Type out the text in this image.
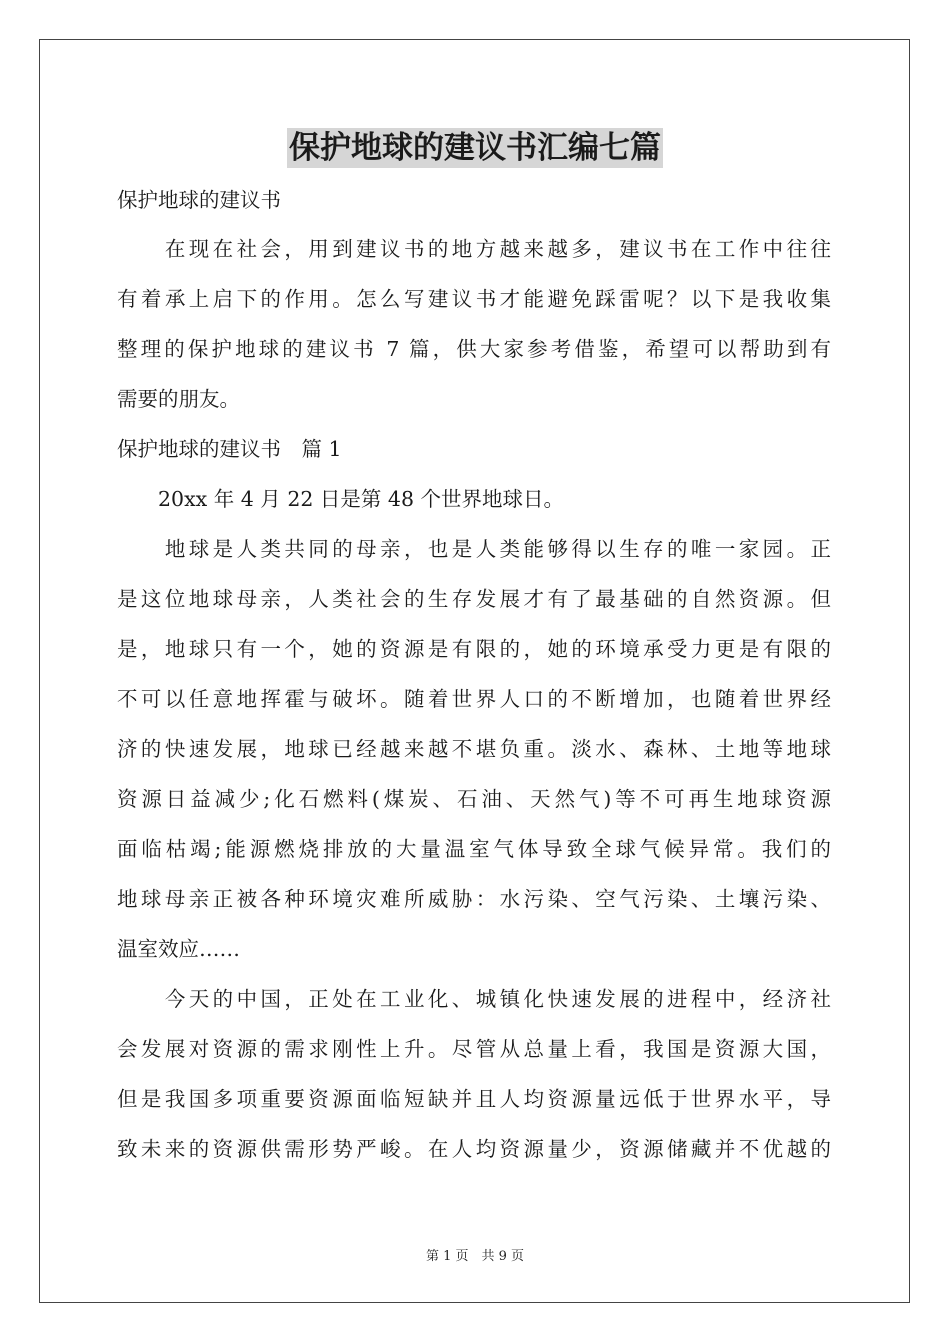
保护地球的建议书汇编七篇
保护地球的建议书
　　在现在社会，用到建议书的地方越来越多，建议书在工作中往往
有着承上启下的作用。怎么写建议书才能避免踩雷呢？以下是我收集
整理的保护地球的建议书 7 篇，供大家参考借鉴，希望可以帮助到有
需要的朋友。
保护地球的建议书　篇 1
　　20xx 年 4 月 22 日是第 48 个世界地球日。
　　地球是人类共同的母亲，也是人类能够得以生存的唯一家园。正
是这位地球母亲，人类社会的生存发展才有了最基础的自然资源。但
是，地球只有一个，她的资源是有限的，她的环境承受力更是有限的
不可以任意地挥霍与破坏。随着世界人口的不断增加，也随着世界经
济的快速发展，地球已经越来越不堪负重。淡水、森林、土地等地球
资源日益减少;化石燃料(煤炭、石油、天然气)等不可再生地球资源
面临枯竭;能源燃烧排放的大量温室气体导致全球气候异常。我们的
地球母亲正被各种环境灾难所威胁：水污染、空气污染、土壤污染、
温室效应……
　　今天的中国，正处在工业化、城镇化快速发展的进程中，经济社
会发展对资源的需求刚性上升。尽管从总量上看，我国是资源大国，
但是我国多项重要资源面临短缺并且人均资源量远低于世界水平，导
致未来的资源供需形势严峻。在人均资源量少，资源储藏并不优越的
第 1 页　共 9 页
